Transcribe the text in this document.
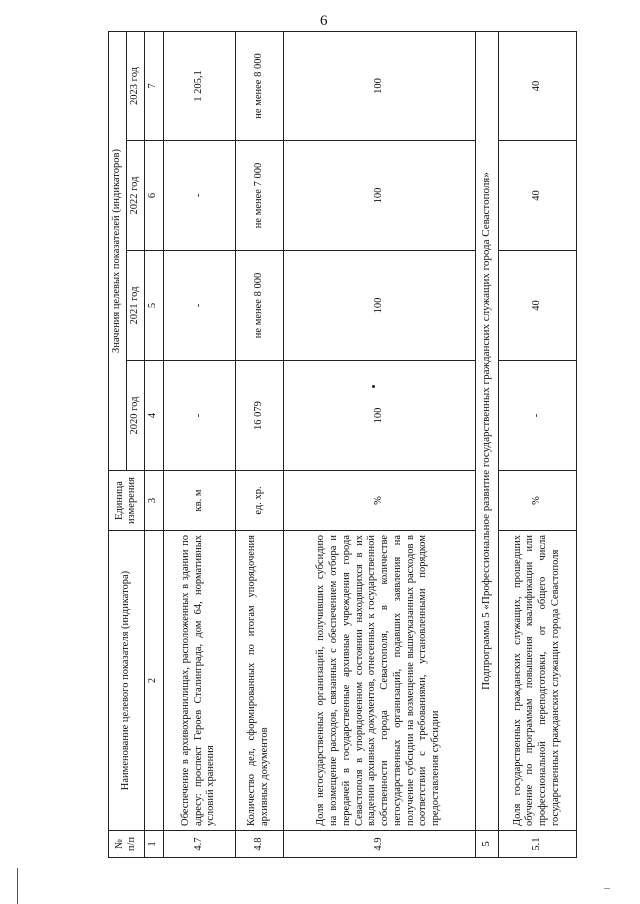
6
№ п/п	Наименование целевого показателя (индикатора)	Единица измерения	Значения целевых показателей (индикаторов)			
			2020 год	2021 год	2022 год	2023 год
1	2	3	4	5	6	7
4.7	Обеспечение в архивохранилищах, расположенных в здании по адресу: проспект Героев Сталинграда, дом 64, нормативных условий хранения	кв. м	-	-	-	1 205,1
4.8	Количество дел, сформированных по итогам упорядочения архивных документов	ед. хр.	16 079	не менее 8 000	не менее 7 000	не менее 8 000
4.9	Доля негосударственных организаций, получивших субсидию на возмещение расходов, связанных с обеспечением отбора и передачей в государственные архивные учреждения города Севастополя в упорядоченном состоянии находящихся в их владении архивных документов, отнесенных к государственной собственности города Севастополя, в количестве негосударственных организаций, подавших заявления на получение субсидии на возмещение вышеуказанных расходов в соответствии с требованиями, установленными порядком предоставления субсидии	%	100	100	100	100
5	Подпрограмма 5 «Профессиональное развитие государственных гражданских служащих города Севастополя»					
5.1	Доля государственных гражданских служащих, прошедших обучение по программам повышения квалификации или профессиональной переподготовки, от общего числа государственных гражданских служащих города Севастополя	%	-	40	40	40
